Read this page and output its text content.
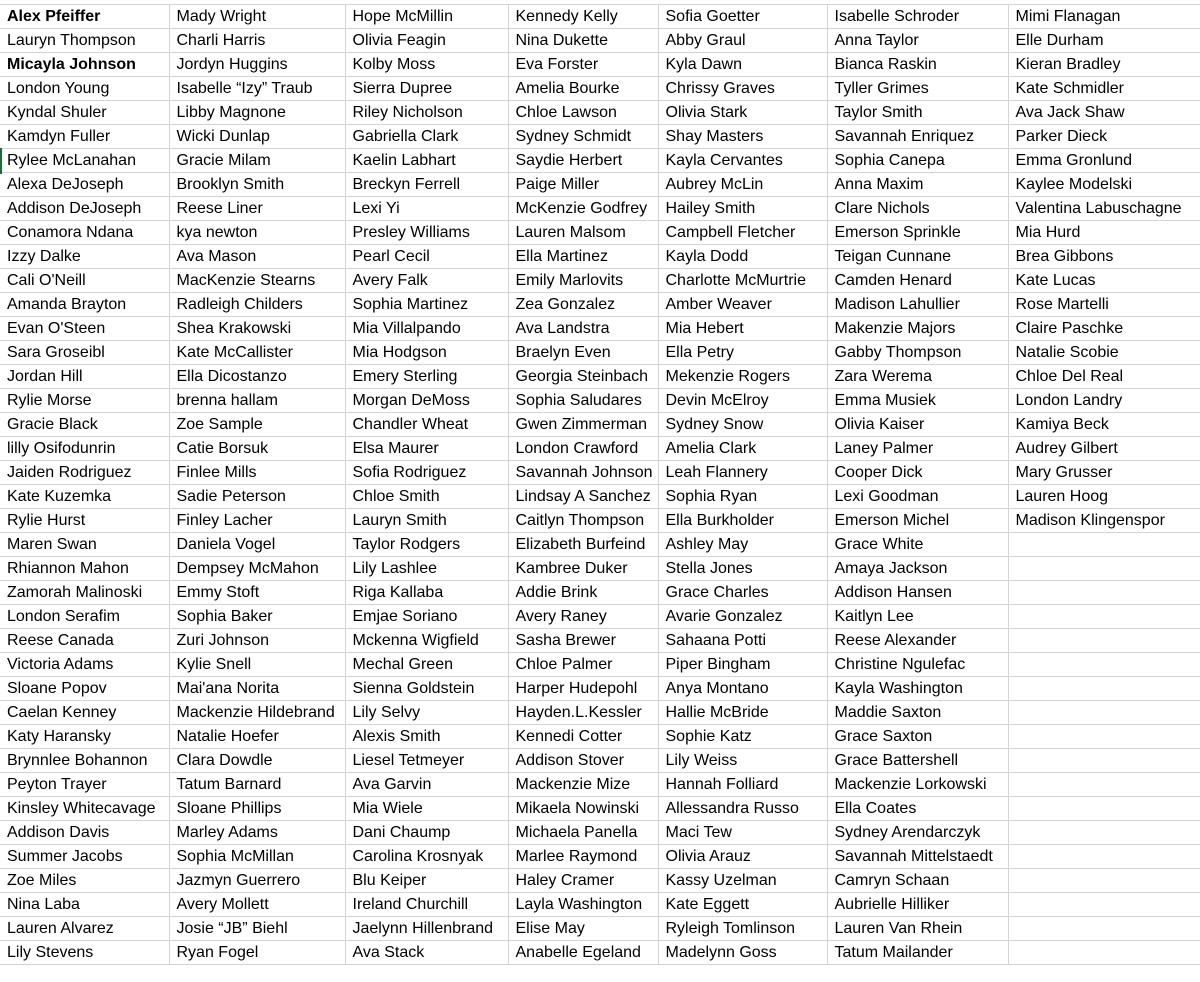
Alex Pfeiffer	Mady Wright	Hope McMillin	Kennedy Kelly	Sofia Goetter	Isabelle Schroder	Mimi Flanagan
Lauryn Thompson	Charli Harris	Olivia Feagin	Nina Dukette	Abby Graul	Anna Taylor	Elle Durham
Micayla Johnson	Jordyn Huggins	Kolby Moss	Eva Forster	Kyla Dawn	Bianca Raskin	Kieran Bradley
London Young	Isabelle “Izy” Traub	Sierra Dupree	Amelia Bourke	Chrissy Graves	Tyller Grimes	Kate Schmidler
Kyndal Shuler	Libby Magnone	Riley Nicholson	Chloe Lawson	Olivia Stark	Taylor Smith	Ava Jack Shaw
Kamdyn Fuller	Wicki Dunlap	Gabriella Clark	Sydney Schmidt	Shay Masters	Savannah Enriquez	Parker Dieck
Rylee McLanahan	Gracie Milam	Kaelin Labhart	Saydie Herbert	Kayla Cervantes	Sophia Canepa	Emma Gronlund
Alexa DeJoseph	Brooklyn Smith	Breckyn Ferrell	Paige Miller	Aubrey McLin	Anna Maxim	Kaylee Modelski
Addison DeJoseph	Reese Liner	Lexi Yi	McKenzie Godfrey	Hailey Smith	Clare Nichols	Valentina Labuschagne
Conamora Ndana	kya newton	Presley Williams	Lauren Malsom	Campbell Fletcher	Emerson Sprinkle	Mia Hurd
Izzy Dalke	Ava Mason	Pearl Cecil	Ella Martinez	Kayla Dodd	Teigan Cunnane	Brea Gibbons
Cali O'Neill	MacKenzie Stearns	Avery Falk	Emily Marlovits	Charlotte McMurtrie	Camden Henard	Kate Lucas
Amanda Brayton	Radleigh Childers	Sophia Martinez	Zea Gonzalez	Amber Weaver	Madison Lahullier	Rose Martelli
Evan O'Steen	Shea Krakowski	Mia Villalpando	Ava Landstra	Mia Hebert	Makenzie Majors	Claire Paschke
Sara Groseibl	Kate McCallister	Mia Hodgson	Braelyn Even	Ella Petry	Gabby Thompson	Natalie Scobie
Jordan Hill	Ella Dicostanzo	Emery Sterling	Georgia Steinbach	Mekenzie Rogers	Zara Werema	Chloe Del Real
Rylie Morse	brenna hallam	Morgan DeMoss	Sophia Saludares	Devin McElroy	Emma Musiek	London Landry
Gracie Black	Zoe Sample	Chandler Wheat	Gwen Zimmerman	Sydney Snow	Olivia Kaiser	Kamiya Beck
lilly Osifodunrin	Catie Borsuk	Elsa Maurer	London Crawford	Amelia Clark	Laney Palmer	Audrey Gilbert
Jaiden Rodriguez	Finlee Mills	Sofia Rodriguez	Savannah Johnson	Leah Flannery	Cooper Dick	Mary Grusser
Kate Kuzemka	Sadie Peterson	Chloe Smith	Lindsay A Sanchez	Sophia Ryan	Lexi Goodman	Lauren Hoog
Rylie Hurst	Finley Lacher	Lauryn Smith	Caitlyn Thompson	Ella Burkholder	Emerson Michel	Madison Klingenspor
Maren Swan	Daniela Vogel	Taylor Rodgers	Elizabeth Burfeind	Ashley May	Grace White	
Rhiannon Mahon	Dempsey McMahon	Lily Lashlee	Kambree Duker	Stella Jones	Amaya Jackson	
Zamorah Malinoski	Emmy Stoft	Riga Kallaba	Addie Brink	Grace Charles	Addison Hansen	
London Serafim	Sophia Baker	Emjae Soriano	Avery Raney	Avarie Gonzalez	Kaitlyn Lee	
Reese Canada	Zuri Johnson	Mckenna Wigfield	Sasha Brewer	Sahaana Potti	Reese Alexander	
Victoria Adams	Kylie Snell	Mechal Green	Chloe Palmer	Piper Bingham	Christine Ngulefac	
Sloane Popov	Mai'ana Norita	Sienna Goldstein	Harper Hudepohl	Anya Montano	Kayla Washington	
Caelan Kenney	Mackenzie Hildebrand	Lily Selvy	Hayden.L.Kessler	Hallie McBride	Maddie Saxton	
Katy Haransky	Natalie Hoefer	Alexis Smith	Kennedi Cotter	Sophie Katz	Grace Saxton	
Brynnlee Bohannon	Clara Dowdle	Liesel Tetmeyer	Addison Stover	Lily Weiss	Grace Battershell	
Peyton Trayer	Tatum Barnard	Ava Garvin	Mackenzie Mize	Hannah Folliard	Mackenzie Lorkowski	
Kinsley Whitecavage	Sloane Phillips	Mia Wiele	Mikaela Nowinski	Allessandra Russo	Ella Coates	
Addison Davis	Marley Adams	Dani Chaump	Michaela Panella	Maci Tew	Sydney Arendarczyk	
Summer Jacobs	Sophia McMillan	Carolina Krosnyak	Marlee Raymond	Olivia Arauz	Savannah Mittelstaedt	
Zoe Miles	Jazmyn Guerrero	Blu Keiper	Haley Cramer	Kassy Uzelman	Camryn Schaan	
Nina Laba	Avery Mollett	Ireland Churchill	Layla Washington	Kate Eggett	Aubrielle Hilliker	
Lauren Alvarez	Josie “JB” Biehl	Jaelynn Hillenbrand	Elise May	Ryleigh Tomlinson	Lauren Van Rhein	
Lily Stevens	Ryan Fogel	Ava Stack	Anabelle Egeland	Madelynn Goss	Tatum Mailander	
